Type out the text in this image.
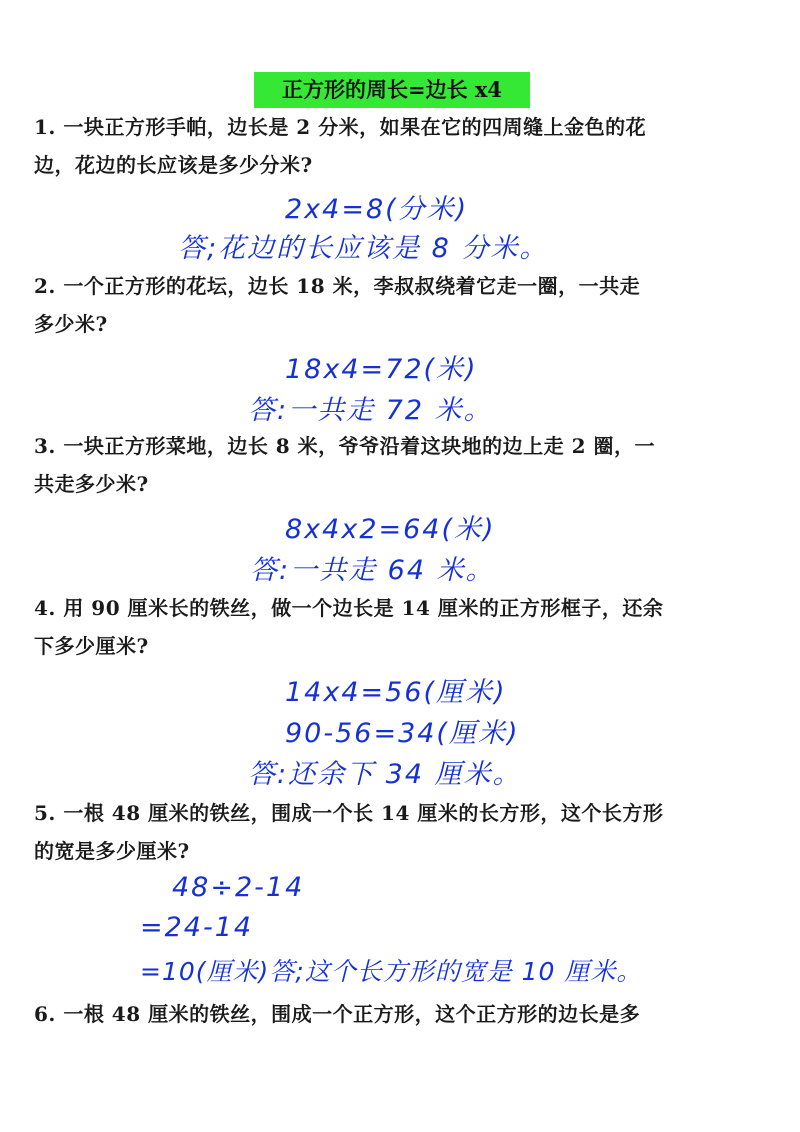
正方形的周长=边长 x4
1. 一块正方形手帕，边长是 2 分米，如果在它的四周缝上金色的花
边，花边的长应该是多少分米?
2x4=8(分米)
答;花边的长应该是 8 分米。
2. 一个正方形的花坛，边长 18 米，李叔叔绕着它走一圈，一共走
多少米?
18x4=72(米)
答:一共走 72 米。
3. 一块正方形菜地，边长 8 米，爷爷沿着这块地的边上走 2 圈，一
共走多少米?
8x4x2=64(米)
答:一共走 64 米。
4. 用 90 厘米长的铁丝，做一个边长是 14 厘米的正方形框子，还余
下多少厘米?
14x4=56(厘米)
90-56=34(厘米)
答:还余下 34 厘米。
5. 一根 48 厘米的铁丝，围成一个长 14 厘米的长方形，这个长方形
的宽是多少厘米?
48÷2-14
=24-14
=10(厘米)答;这个长方形的宽是 10 厘米。
6. 一根 48 厘米的铁丝，围成一个正方形，这个正方形的边长是多
